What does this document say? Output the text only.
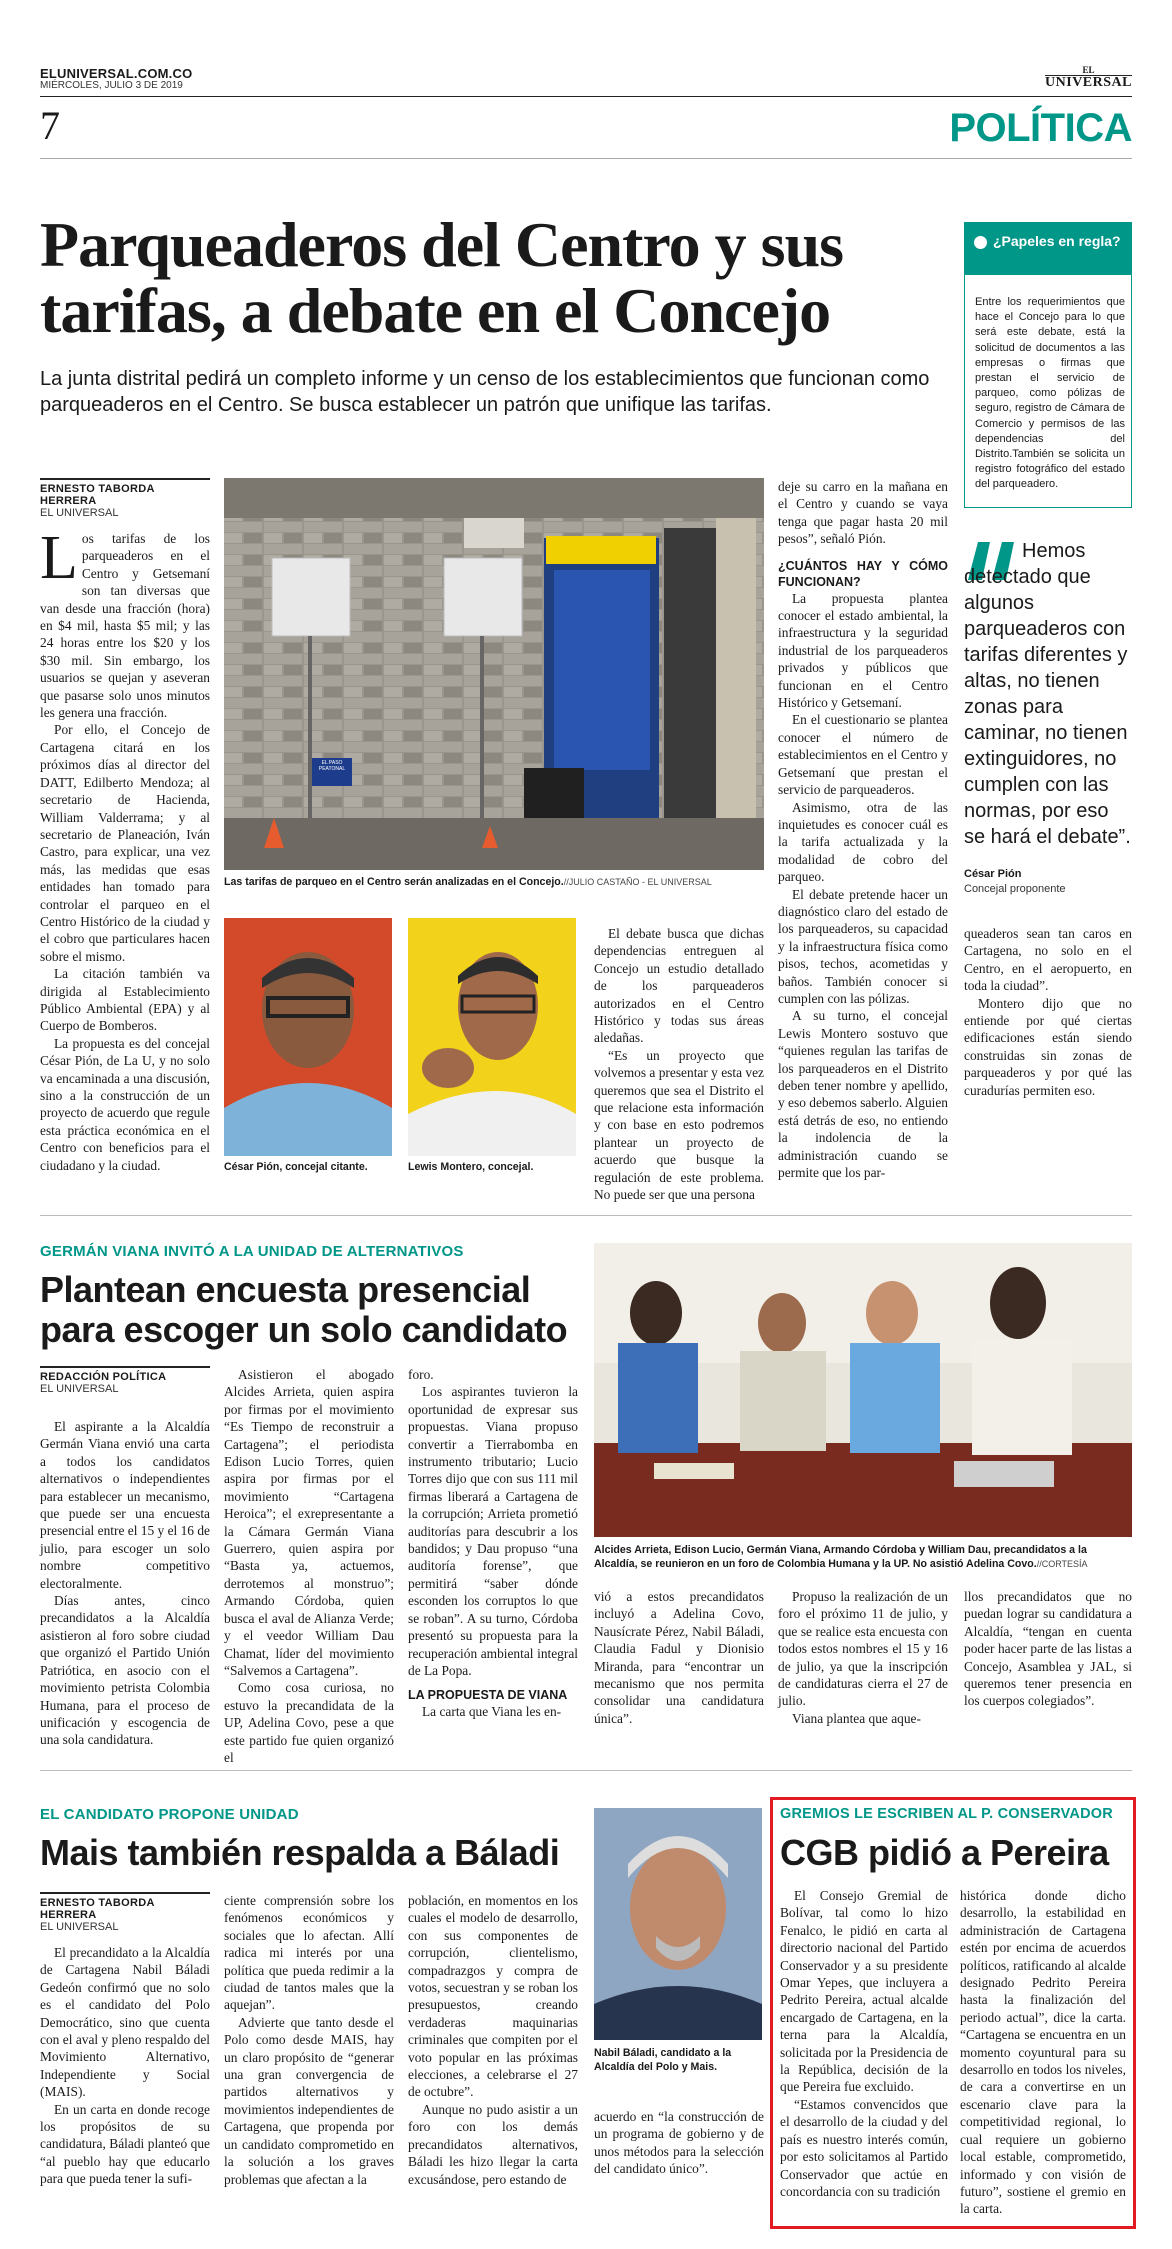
ELUNIVERSAL.COM.CO
MIÉRCOLES, JULIO 3 DE 2019
EL
UNIVERSAL
7	POLÍTICA
Parqueaderos del Centro y sus tarifas, a debate en el Concejo
La junta distrital pedirá un completo informe y un censo de los establecimientos que funcionan como parqueaderos en el Centro. Se busca establecer un patrón que unifique las tarifas.
¿Papeles en regla?
Entre los requerimientos que hace el Concejo para lo que será este debate, está la solicitud de documentos a las empresas o firmas que prestan el servicio de parqueo, como pólizas de seguro, registro de Cámara de Comercio y permisos de las dependencias del Distrito.También se solicita un registro fotográfico del estado del parqueadero.
Hemos detectado que algunos parqueaderos con tarifas diferentes y altas, no tienen zonas para caminar, no tienen extinguidores, no cumplen con las normas, por eso se hará el debate”.
César Pión
Concejal proponente
ERNESTO TABORDA HERRERA
EL UNIVERSAL

Los tarifas de los parqueaderos en el Centro y Getsemaní son tan diversas que van desde una fracción (hora) en $4 mil, hasta $5 mil; y las 24 horas entre los $20 y los $30 mil. Sin embargo, los usuarios se quejan y aseveran que pasarse solo unos minutos les genera una fracción.

Por ello, el Concejo de Cartagena citará en los próximos días al director del DATT, Edilberto Mendoza; al secretario de Hacienda, William Valderrama; y al secretario de Planeación, Iván Castro, para explicar, una vez más, las medidas que esas entidades han tomado para controlar el parqueo en el Centro Histórico de la ciudad y el cobro que particulares hacen sobre el mismo.

La citación también va dirigida al Establecimiento Público Ambiental (EPA) y al Cuerpo de Bomberos.

La propuesta es del concejal César Pión, de La U, y no solo va encaminada a una discusión, sino a la construcción de un proyecto de acuerdo que regule esta práctica económica en el Centro con beneficios para el ciudadano y la ciudad.

EL PASO PEATONAL
Las tarifas de parqueo en el Centro serán analizadas en el Concejo.//JULIO CASTAÑO - EL UNIVERSAL
César Pión, concejal citante.	Lewis Montero, concejal.

El debate busca que dichas dependencias entreguen al Concejo un estudio detallado de los parqueaderos autorizados en el Centro Histórico y todas sus áreas aledañas.

“Es un proyecto que volvemos a presentar y esta vez queremos que sea el Distrito el que relacione esta información y con base en esto podremos plantear un proyecto de acuerdo que busque la regulación de este problema. No puede ser que una persona

deje su carro en la mañana en el Centro y cuando se vaya tenga que pagar hasta 20 mil pesos”, señaló Pión.

¿CUÁNTOS HAY Y CÓMO FUNCIONAN?

La propuesta plantea conocer el estado ambiental, la infraestructura y la seguridad industrial de los parqueaderos privados y públicos que funcionan en el Centro Histórico y Getsemaní.

En el cuestionario se plantea conocer el número de establecimientos en el Centro y Getsemaní que prestan el servicio de parqueaderos.

Asimismo, otra de las inquietudes es conocer cuál es la tarifa actualizada y la modalidad de cobro del parqueo.

El debate pretende hacer un diagnóstico claro del estado de los parqueaderos, su capacidad y la infraestructura física como pisos, techos, acometidas y baños. También conocer si cumplen con las pólizas.

A su turno, el concejal Lewis Montero sostuvo que “quienes regulan las tarifas de los parqueaderos en el Distrito deben tener nombre y apellido, y eso debemos saberlo. Alguien está detrás de eso, no entiendo la indolencia de la administración cuando se permite que los par-

queaderos sean tan caros en Cartagena, no solo en el Centro, en el aeropuerto, en toda la ciudad”.

Montero dijo que no entiende por qué ciertas edificaciones están siendo construidas sin zonas de parqueaderos y por qué las curadurías permiten eso.

GERMÁN VIANA INVITÓ A LA UNIDAD DE ALTERNATIVOS
Plantean encuesta presencial para escoger un solo candidato
REDACCIÓN POLÍTICA
EL UNIVERSAL

El aspirante a la Alcaldía Germán Viana envió una carta a todos los candidatos alternativos o independientes para establecer un mecanismo, que puede ser una encuesta presencial entre el 15 y el 16 de julio, para escoger un solo nombre competitivo electoralmente.

Días antes, cinco precandidatos a la Alcaldía asistieron al foro sobre ciudad que organizó el Partido Unión Patriótica, en asocio con el movimiento petrista Colombia Humana, para el proceso de unificación y escogencia de una sola candidatura.

Asistieron el abogado Alcides Arrieta, quien aspira por firmas por el movimiento “Es Tiempo de reconstruir a Cartagena”; el periodista Edison Lucio Torres, quien aspira por firmas por el movimiento “Cartagena Heroica”; el exrepresentante a la Cámara Germán Viana Guerrero, quien aspira por “Basta ya, actuemos, derrotemos al monstruo”; Armando Córdoba, quien busca el aval de Alianza Verde; y el veedor William Dau Chamat, líder del movimiento “Salvemos a Cartagena”.

Como cosa curiosa, no estuvo la precandidata de la UP, Adelina Covo, pese a que este partido fue quien organizó el

foro.

Los aspirantes tuvieron la oportunidad de expresar sus propuestas. Viana propuso convertir a Tierrabomba en instrumento tributario; Lucio Torres dijo que con sus 111 mil firmas liberará a Cartagena de la corrupción; Arrieta prometió auditorías para descubrir a los bandidos; y Dau propuso “una auditoría forense”, que permitirá “saber dónde esconden los corruptos lo que se roban”. A su turno, Córdoba presentó su propuesta para la recuperación ambiental integral de La Popa.

LA PROPUESTA DE VIANA

La carta que Viana les en-

Alcides Arrieta, Edison Lucio, Germán Viana, Armando Córdoba y William Dau, precandidatos a la Alcaldía, se reunieron en un foro de Colombia Humana y la UP. No asistió Adelina Covo.//CORTESÍA

vió a estos precandidatos incluyó a Adelina Covo, Nausícrate Pérez, Nabil Báladi, Claudia Fadul y Dionisio Miranda, para “encontrar un mecanismo que nos permita consolidar una candidatura única”.

Propuso la realización de un foro el próximo 11 de julio, y que se realice esta encuesta con todos estos nombres el 15 y 16 de julio, ya que la inscripción de candidaturas cierra el 27 de julio.

Viana plantea que aque-

llos precandidatos que no puedan lograr su candidatura a Alcaldía, “tengan en cuenta poder hacer parte de las listas a Concejo, Asamblea y JAL, si queremos tener presencia en los cuerpos colegiados”.

EL CANDIDATO PROPONE UNIDAD
Mais también respalda a Báladi
ERNESTO TABORDA HERRERA
EL UNIVERSAL

El precandidato a la Alcaldía de Cartagena Nabil Báladi Gedeón confirmó que no solo es el candidato del Polo Democrático, sino que cuenta con el aval y pleno respaldo del Movimiento Alternativo, Independiente y Social (MAIS).

En un carta en donde recoge los propósitos de su candidatura, Báladi planteó que “al pueblo hay que educarlo para que pueda tener la sufi-

ciente comprensión sobre los fenómenos económicos y sociales que lo afectan. Allí radica mi interés por una política que pueda redimir a la ciudad de tantos males que la aquejan”.

Advierte que tanto desde el Polo como desde MAIS, hay un claro propósito de “generar una gran convergencia de partidos alternativos y movimientos independientes de Cartagena, que propenda por un candidato comprometido en la solución a los graves problemas que afectan a la

población, en momentos en los cuales el modelo de desarrollo, con sus componentes de corrupción, clientelismo, compadrazgos y compra de votos, secuestran y se roban los presupuestos, creando verdaderas maquinarias criminales que compiten por el voto popular en las próximas elecciones, a celebrarse el 27 de octubre”.

Aunque no pudo asistir a un foro con los demás precandidatos alternativos, Báladi les hizo llegar la carta excusándose, pero estando de

Nabil Báladi, candidato a la Alcaldía del Polo y Mais.

acuerdo en “la construcción de un programa de gobierno y de unos métodos para la selección del candidato único”.

GREMIOS LE ESCRIBEN AL P. CONSERVADOR
CGB pidió a Pereira

El Consejo Gremial de Bolívar, tal como lo hizo Fenalco, le pidió en carta al directorio nacional del Partido Conservador y a su presidente Omar Yepes, que incluyera a Pedrito Pereira, actual alcalde encargado de Cartagena, en la terna para la Alcaldía, solicitada por la Presidencia de la República, decisión de la que Pereira fue excluido.

“Estamos convencidos que el desarrollo de la ciudad y del país es nuestro interés común, por esto solicitamos al Partido Conservador que actúe en concordancia con su tradición

histórica donde dicho desarrollo, la estabilidad en administración de Cartagena estén por encima de acuerdos políticos, ratificando al alcalde designado Pedrito Pereira hasta la finalización del periodo actual”, dice la carta. “Cartagena se encuentra en un momento coyuntural para su desarrollo en todos los niveles, de cara a convertirse en un escenario clave para la competitividad regional, lo cual requiere un gobierno local estable, comprometido, informado y con visión de futuro”, sostiene el gremio en la carta.
